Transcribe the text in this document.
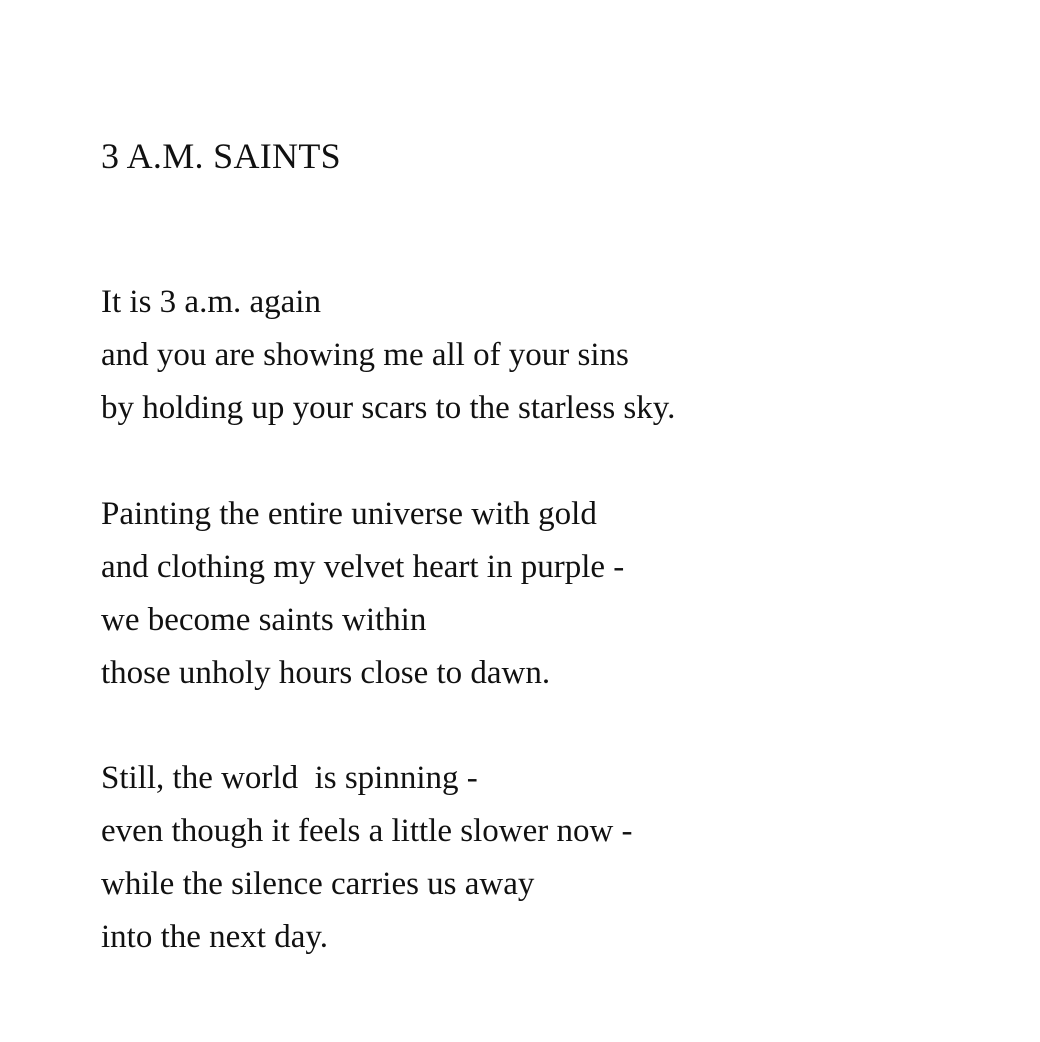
3 A.M. SAINTS

It is 3 a.m. again
and you are showing me all of your sins
by holding up your scars to the starless sky.

Painting the entire universe with gold
and clothing my velvet heart in purple -
we become saints within
those unholy hours close to dawn.

Still, the world  is spinning -
even though it feels a little slower now -
while the silence carries us away
into the next day.
